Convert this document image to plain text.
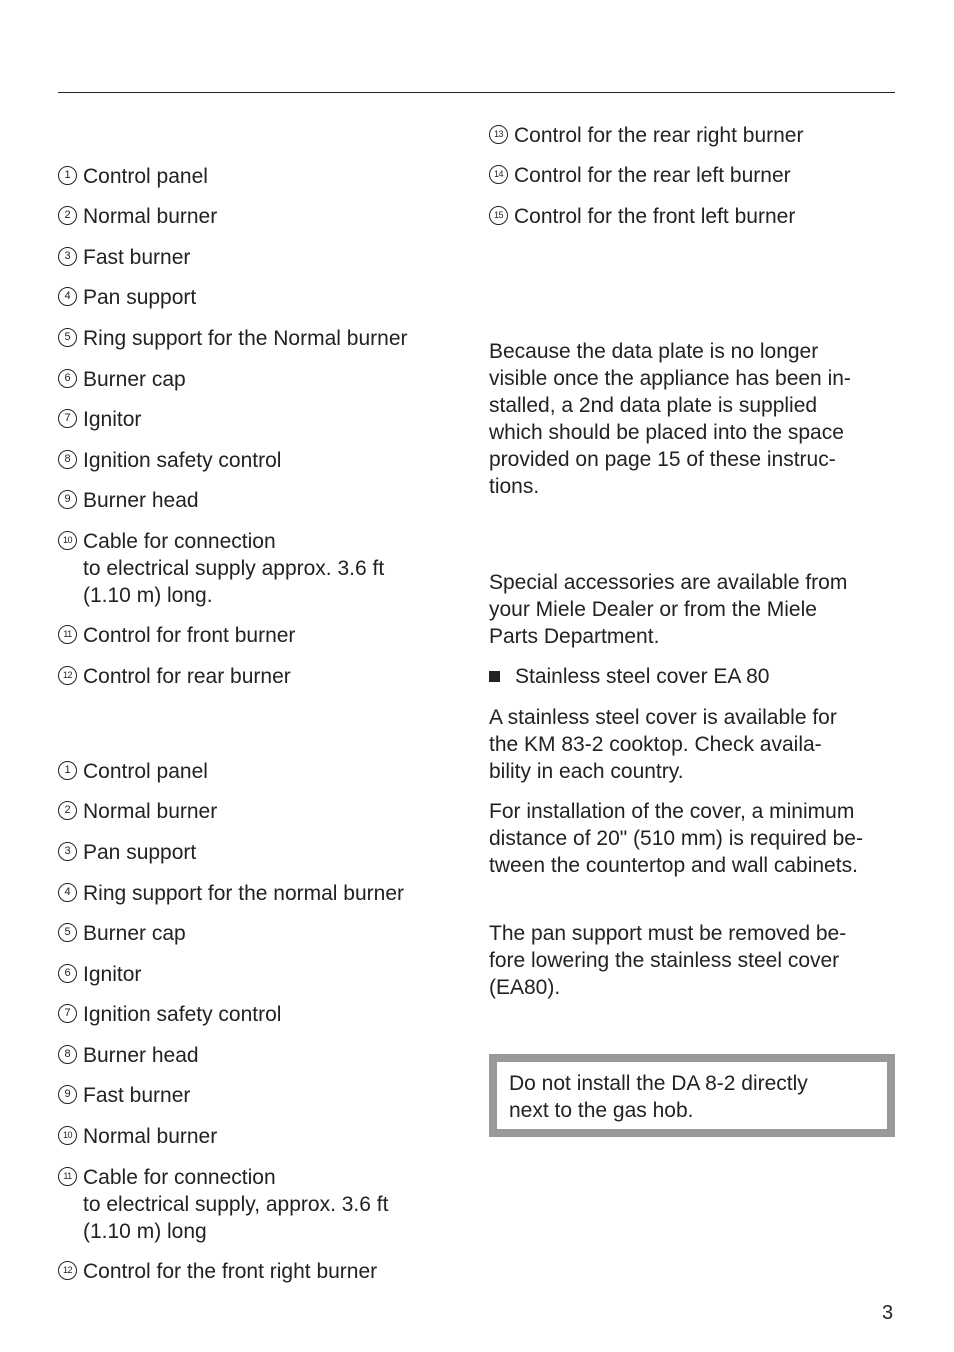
1 Control panel
2 Normal burner
3 Fast burner
4 Pan support
5 Ring support for the Normal burner
6 Burner cap
7 Ignitor
8 Ignition safety control
9 Burner head
10 Cable for connection
to electrical supply approx. 3.6 ft
(1.10 m) long.
11 Control for front burner
12 Control for rear burner
1 Control panel
2 Normal burner
3 Pan support
4 Ring support for the normal burner
5 Burner cap
6 Ignitor
7 Ignition safety control
8 Burner head
9 Fast burner
10 Normal burner
11 Cable for connection
to electrical supply, approx. 3.6 ft
(1.10 m) long
12 Control for the front right burner
13 Control for the rear right burner
14 Control for the rear left burner
15 Control for the front left burner
Because the data plate is no longer
visible once the appliance has been in-
stalled, a 2nd data plate is supplied
which should be placed into the space
provided on page 15 of these instruc-
tions.
Special accessories are available from
your Miele Dealer or from the Miele
Parts Department.
Stainless steel cover EA 80
A stainless steel cover is available for
the KM 83-2 cooktop. Check availa-
bility in each country.
For installation of the cover, a minimum
distance of 20" (510 mm) is required be-
tween the countertop and wall cabinets.
The pan support must be removed be-
fore lowering the stainless steel cover
(EA80).
Do not install the DA 8-2 directly
next to the gas hob.
3
